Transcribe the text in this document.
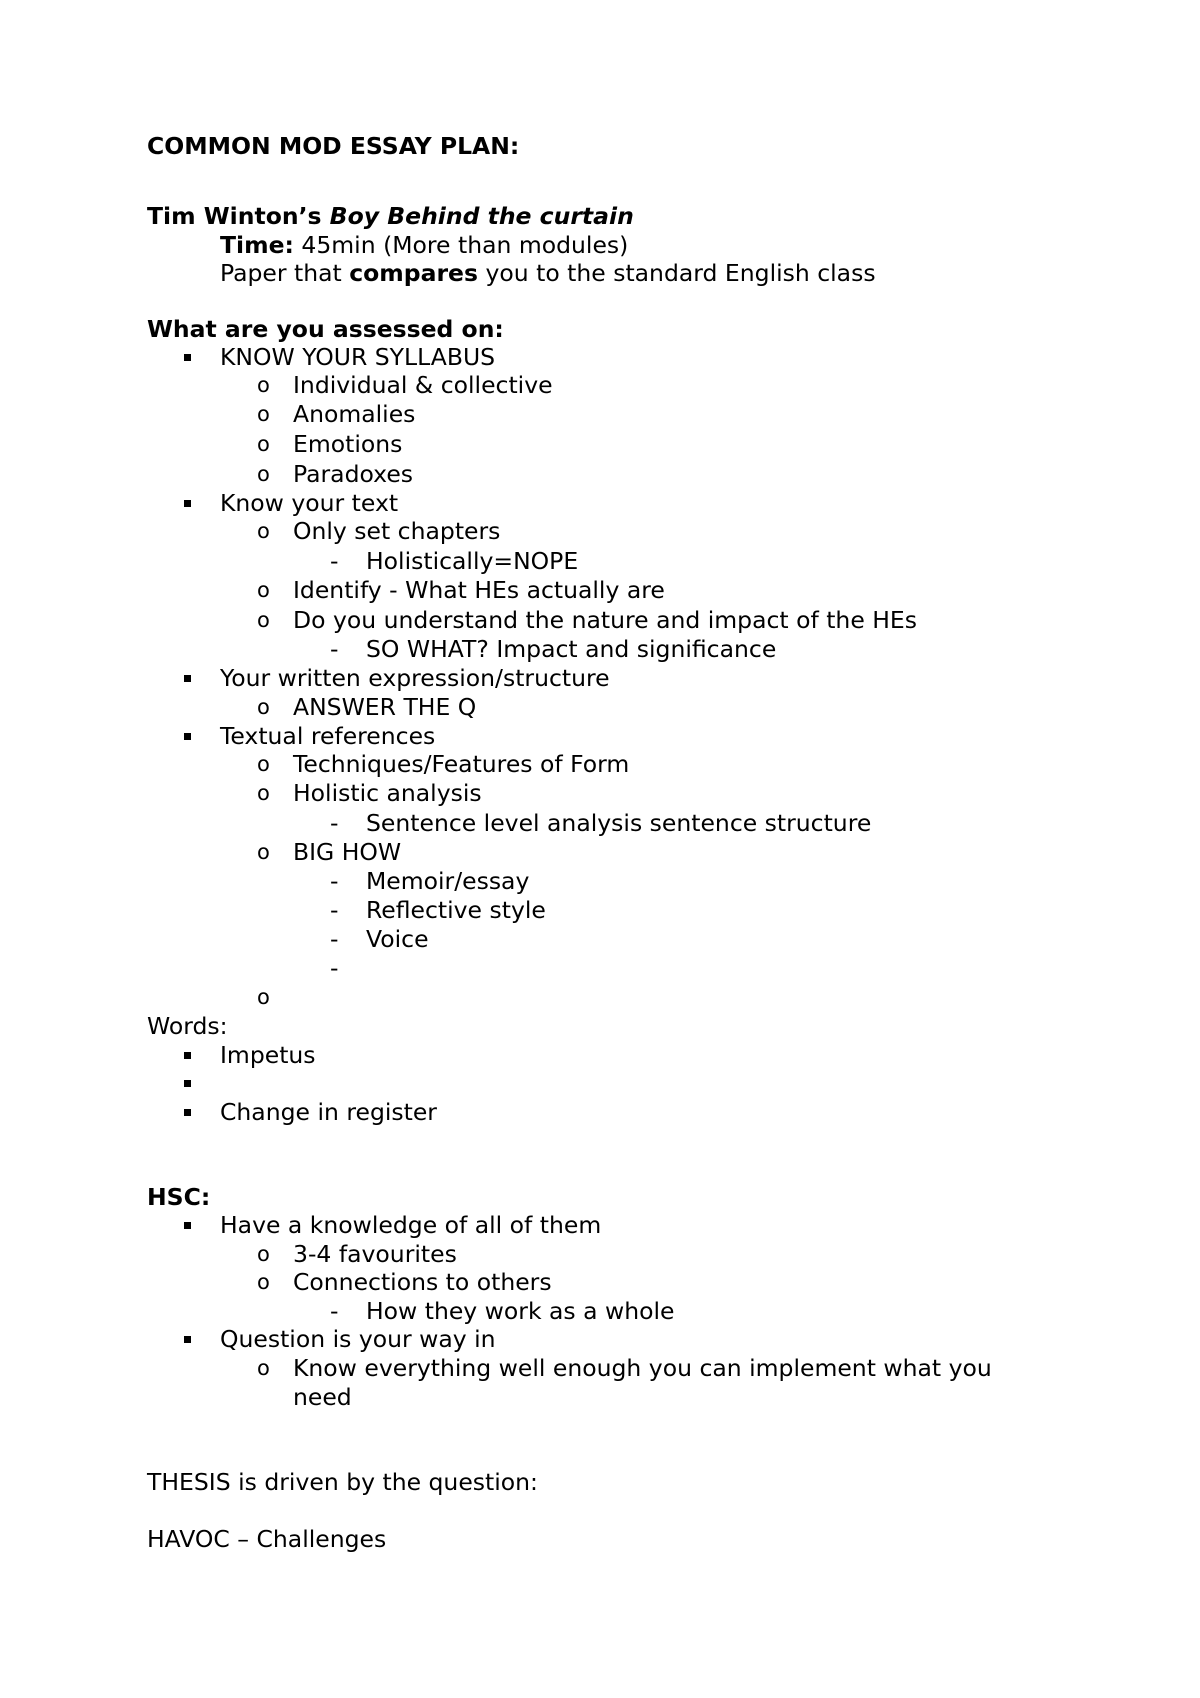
COMMON MOD ESSAY PLAN:
Tim Winton’s Boy Behind the curtain
Time: 45min (More than modules)
Paper that compares you to the standard English class
What are you assessed on:
KNOW YOUR SYLLABUS
o Individual & collective
o Anomalies
o Emotions
o Paradoxes
Know your text
o Only set chapters
- Holistically=NOPE
o Identify - What HEs actually are
o Do you understand the nature and impact of the HEs
- SO WHAT? Impact and significance
Your written expression/structure
o ANSWER THE Q
Textual references
o Techniques/Features of Form
o Holistic analysis
- Sentence level analysis sentence structure
o BIG HOW
- Memoir/essay
- Reflective style
- Voice
-
o
Words:
Impetus
Change in register
HSC:
Have a knowledge of all of them
o 3-4 favourites
o Connections to others
- How they work as a whole
Question is your way in
o Know everything well enough you can implement what you
need
THESIS is driven by the question:
HAVOC – Challenges
